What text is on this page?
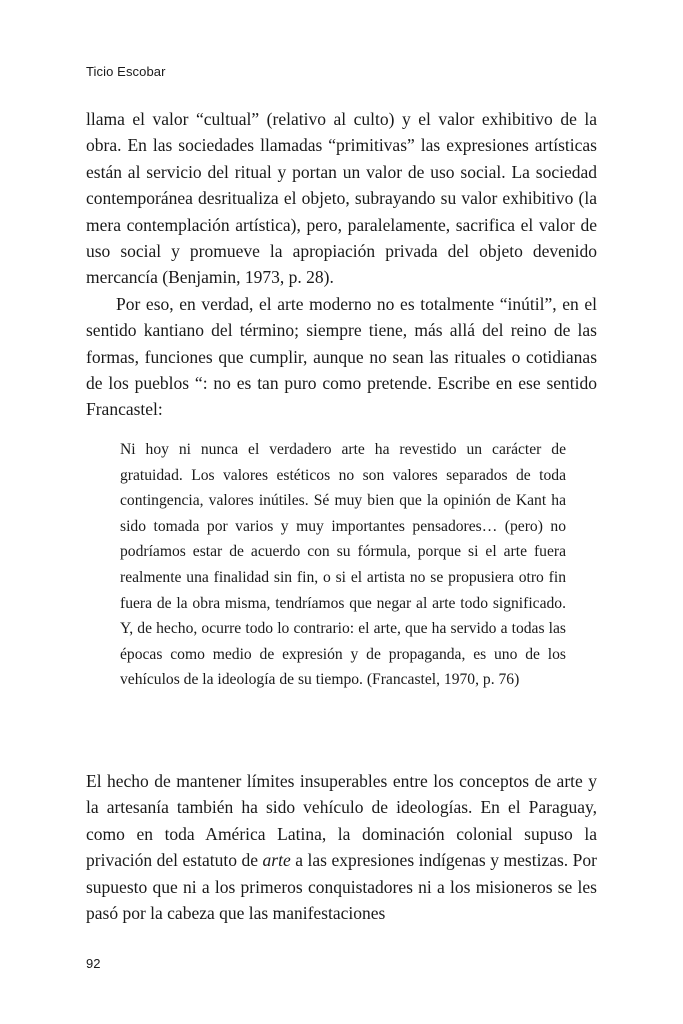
Ticio Escobar

llama el valor “cultual” (relativo al culto) y el valor exhibitivo de la obra. En las sociedades llamadas “primitivas” las expresiones artísticas están al servicio del ritual y portan un valor de uso social. La sociedad contemporánea desritualiza el objeto, subrayando su valor exhibitivo (la mera contemplación artística), pero, paralelamente, sacrifica el valor de uso social y promueve la apropiación privada del objeto devenido mercancía (Benjamin, 1973, p. 28).

Por eso, en verdad, el arte moderno no es totalmente “inútil”, en el sentido kantiano del término; siempre tiene, más allá del reino de las formas, funciones que cumplir, aunque no sean las rituales o cotidianas de los pueblos “: no es tan puro como pretende. Escribe en ese sentido Francastel:

Ni hoy ni nunca el verdadero arte ha revestido un carácter de gratuidad. Los valores estéticos no son valores separados de toda contingencia, valores inútiles. Sé muy bien que la opinión de Kant ha sido tomada por varios y muy importantes pensadores… (pero) no podríamos estar de acuerdo con su fórmula, porque si el arte fuera realmente una finalidad sin fin, o si el artista no se propusiera otro fin fuera de la obra misma, tendríamos que negar al arte todo significado. Y, de hecho, ocurre todo lo contrario: el arte, que ha servido a todas las épocas como medio de expresión y de propaganda, es uno de los vehículos de la ideología de su tiempo. (Francastel, 1970, p. 76)

El hecho de mantener límites insuperables entre los conceptos de arte y la artesanía también ha sido vehículo de ideologías. En el Paraguay, como en toda América Latina, la dominación colonial supuso la privación del estatuto de arte a las expresiones indígenas y mestizas. Por supuesto que ni a los primeros conquistadores ni a los misioneros se les pasó por la cabeza que las manifestaciones

92
